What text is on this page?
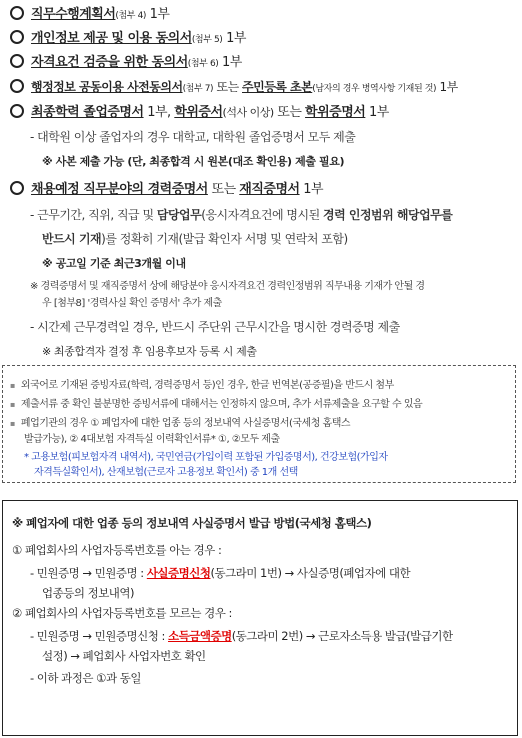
직무수행계획서(첨부 4) 1부
개인정보 제공 및 이용 동의서(첨부 5) 1부
자격요건 검증을 위한 동의서(첨부 6) 1부
행정정보 공동이용 사전동의서(첨부 7) 또는 주민등록 초본(남자의 경우 병역사항 기재된 것) 1부
최종학력 졸업증명서 1부, 학위증서(석사 이상) 또는 학위증명서 1부
- 대학원 이상 졸업자의 경우 대학교, 대학원 졸업증명서 모두 제출
※ 사본 제출 가능 (단, 최종합격 시 원본(대조 확인용) 제출 필요)
채용예정 직무분야의 경력증명서 또는 재직증명서 1부
- 근무기간, 직위, 직급 및 담당업무(응시자격요건에 명시된 경력 인정범위 해당업무를
반드시 기재)를 정확히 기재(발급 확인자 서명 및 연락처 포함)
※ 공고일 기준 최근3개월 이내
※ 경력증명서 및 재직증명서 상에 해당분야 응시자격요건 경력인정범위 직무내용 기재가 안될 경
우 [첨부8] '경력사실 확인 증명서' 추가 제출
- 시간제 근무경력일 경우, 반드시 주단위 근무시간을 명시한 경력증명 제출
※ 최종합격자 결정 후 임용후보자 등록 시 제출
▪ 외국어로 기재된 증빙자료(학력, 경력증명서 등)인 경우, 한글 번역본(공증필)을 반드시 첨부
▪ 제출서류 중 확인 불분명한 증빙서류에 대해서는 인정하지 않으며, 추가 서류제출을 요구할 수 있음
▪ 폐업기관의 경우 ① 폐업자에 대한 업종 등의 정보내역 사실증명서(국세청 홈택스
발급가능), ② 4대보험 자격득실 이력확인서류* ①, ②모두 제출
* 고용보험(피보험자격 내역서), 국민연금(가입이력 포함된 가입증명서), 건강보험(가입자
자격득실확인서), 산재보험(근로자 고용정보 확인서) 중 1개 선택
※ 폐업자에 대한 업종 등의 정보내역 사실증명서 발급 방법(국세청 홈택스)
① 폐업회사의 사업자등록번호를 아는 경우 :
- 민원증명 → 민원증명 : 사실증명신청(동그라미 1번) → 사실증명(폐업자에 대한
업종등의 정보내역)
② 폐업회사의 사업자등록번호를 모르는 경우 :
- 민원증명 → 민원증명신청 : 소득금액증명(동그라미 2번) → 근로자소득용 발급(발급기한
설정) → 폐업회사 사업자번호 확인
- 이하 과정은 ①과 동일
